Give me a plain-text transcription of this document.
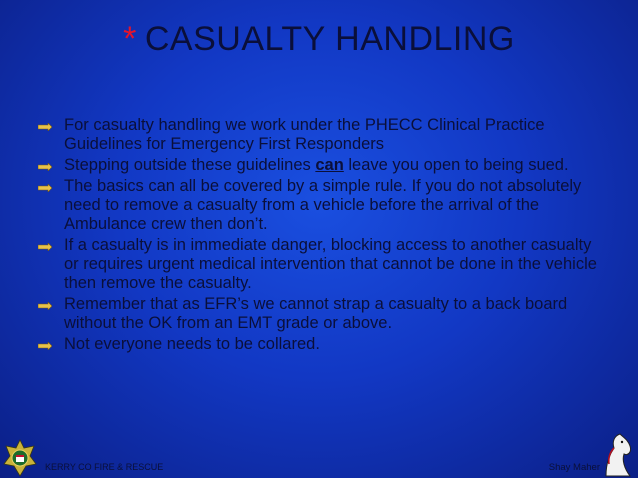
* CASUALTY HANDLING
For casualty handling we work under the PHECC Clinical Practice Guidelines for Emergency First Responders
Stepping outside these guidelines can leave you open to being sued.
The basics can all be covered by a simple rule. If you do not absolutely need to remove a casualty from a vehicle before the arrival of the Ambulance crew then don’t.
If a casualty is in immediate danger, blocking access to another casualty or requires urgent medical intervention that cannot be done in the vehicle then remove the casualty.
Remember that as EFR’s we cannot strap a casualty to a back board without the OK from an EMT grade or above.
Not everyone needs to be collared.
KERRY CO FIRE & RESCUE	Shay Maher
